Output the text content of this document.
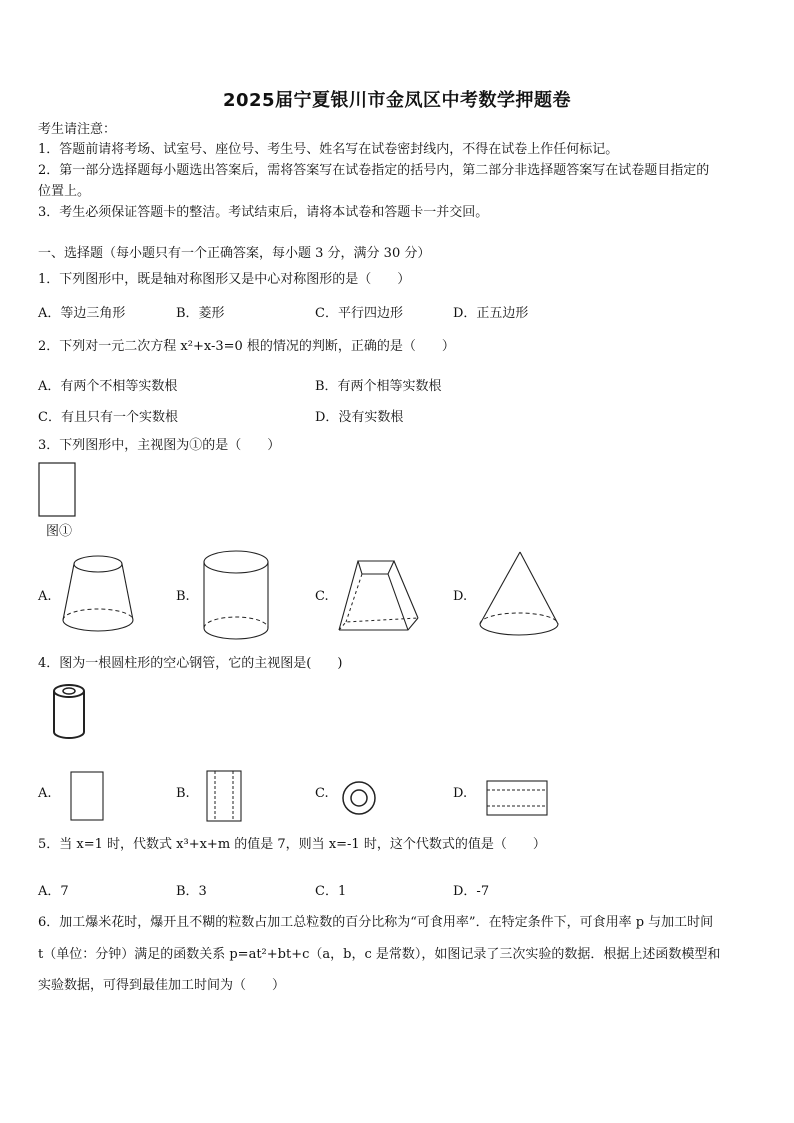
2025届宁夏银川市金凤区中考数学押题卷
考生请注意：
1．答题前请将考场、试室号、座位号、考生号、姓名写在试卷密封线内，不得在试卷上作任何标记。
2．第一部分选择题每小题选出答案后，需将答案写在试卷指定的括号内，第二部分非选择题答案写在试卷题目指定的
位置上。
3．考生必须保证答题卡的整洁。考试结束后，请将本试卷和答题卡一并交回。
一、选择题（每小题只有一个正确答案，每小题 3 分，满分 30 分）
1．下列图形中，既是轴对称图形又是中心对称图形的是（　　）
A．等边三角形	B．菱形	C．平行四边形	D．正五边形
2．下列对一元二次方程 x²+x-3=0 根的情况的判断，正确的是（　　）
A．有两个不相等实数根	B．有两个相等实数根
C．有且只有一个实数根	D．没有实数根
3．下列图形中，主视图为①的是（　　）
图①
A.	B.	C.	D.
4．图为一根圆柱形的空心钢管，它的主视图是(　　)
A.	B.	C.	D.
5．当 x=1 时，代数式 x³+x+m 的值是 7，则当 x=-1 时，这个代数式的值是（　　）
A．7	B．3	C．1	D．-7
6．加工爆米花时，爆开且不糊的粒数占加工总粒数的百分比称为“可食用率”．在特定条件下，可食用率 p 与加工时间
t（单位：分钟）满足的函数关系 p=at²+bt+c（a，b，c 是常数），如图记录了三次实验的数据．根据上述函数模型和
实验数据，可得到最佳加工时间为（　　）
